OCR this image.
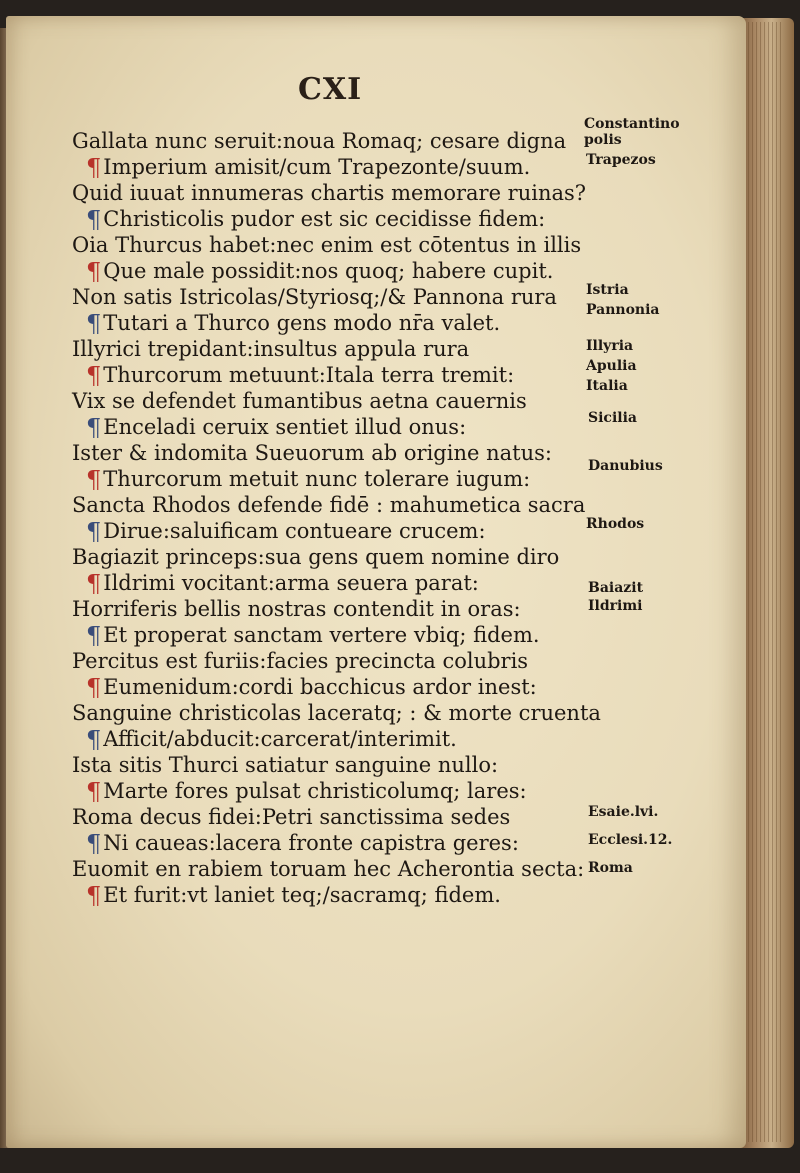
CXI
Gallata nunc seruit:noua Romaq; cesare digna
¶Imperium amisit/cum Trapezonte/suum.
Quid iuuat innumeras chartis memorare ruinas?
¶Christicolis pudor est sic cecidisse fidem:
Oia Thurcus habet:nec enim est cōtentus in illis
¶Que male possidit:nos quoq; habere cupit.
Non satis Istricolas/Styriosq;/& Pannona rura
¶Tutari a Thurco gens modo nr̄a valet.
Illyrici trepidant:insultus appula rura
¶Thurcorum metuunt:Itala terra tremit:
Vix se defendet fumantibus aetna cauernis
¶Enceladi ceruix sentiet illud onus:
Ister & indomita Sueuorum ab origine natus:
¶Thurcorum metuit nunc tolerare iugum:
Sancta Rhodos defende fidē : mahumetica sacra
¶Dirue:saluificam contueare crucem:
Bagiazit princeps:sua gens quem nomine diro
¶Ildrimi vocitant:arma seuera parat:
Horriferis bellis nostras contendit in oras:
¶Et properat sanctam vertere vbiq; fidem.
Percitus est furiis:facies precincta colubris
¶Eumenidum:cordi bacchicus ardor inest:
Sanguine christicolas laceratq; : & morte cruenta
¶Afficit/abducit:carcerat/interimit.
Ista sitis Thurci satiatur sanguine nullo:
¶Marte fores pulsat christicolumq; lares:
Roma decus fidei:Petri sanctissima sedes
¶Ni caueas:lacera fronte capistra geres:
Euomit en rabiem toruam hec Acherontia secta:
¶Et furit:vt laniet teq;/sacramq; fidem.
Constantino
polis
Trapezos
Istria
Pannonia
Illyria
Apulia
Italia
Sicilia
Danubius
Rhodos
Baiazit
Ildrimi
Esaie.lvi.
Ecclesi.12.
Roma
